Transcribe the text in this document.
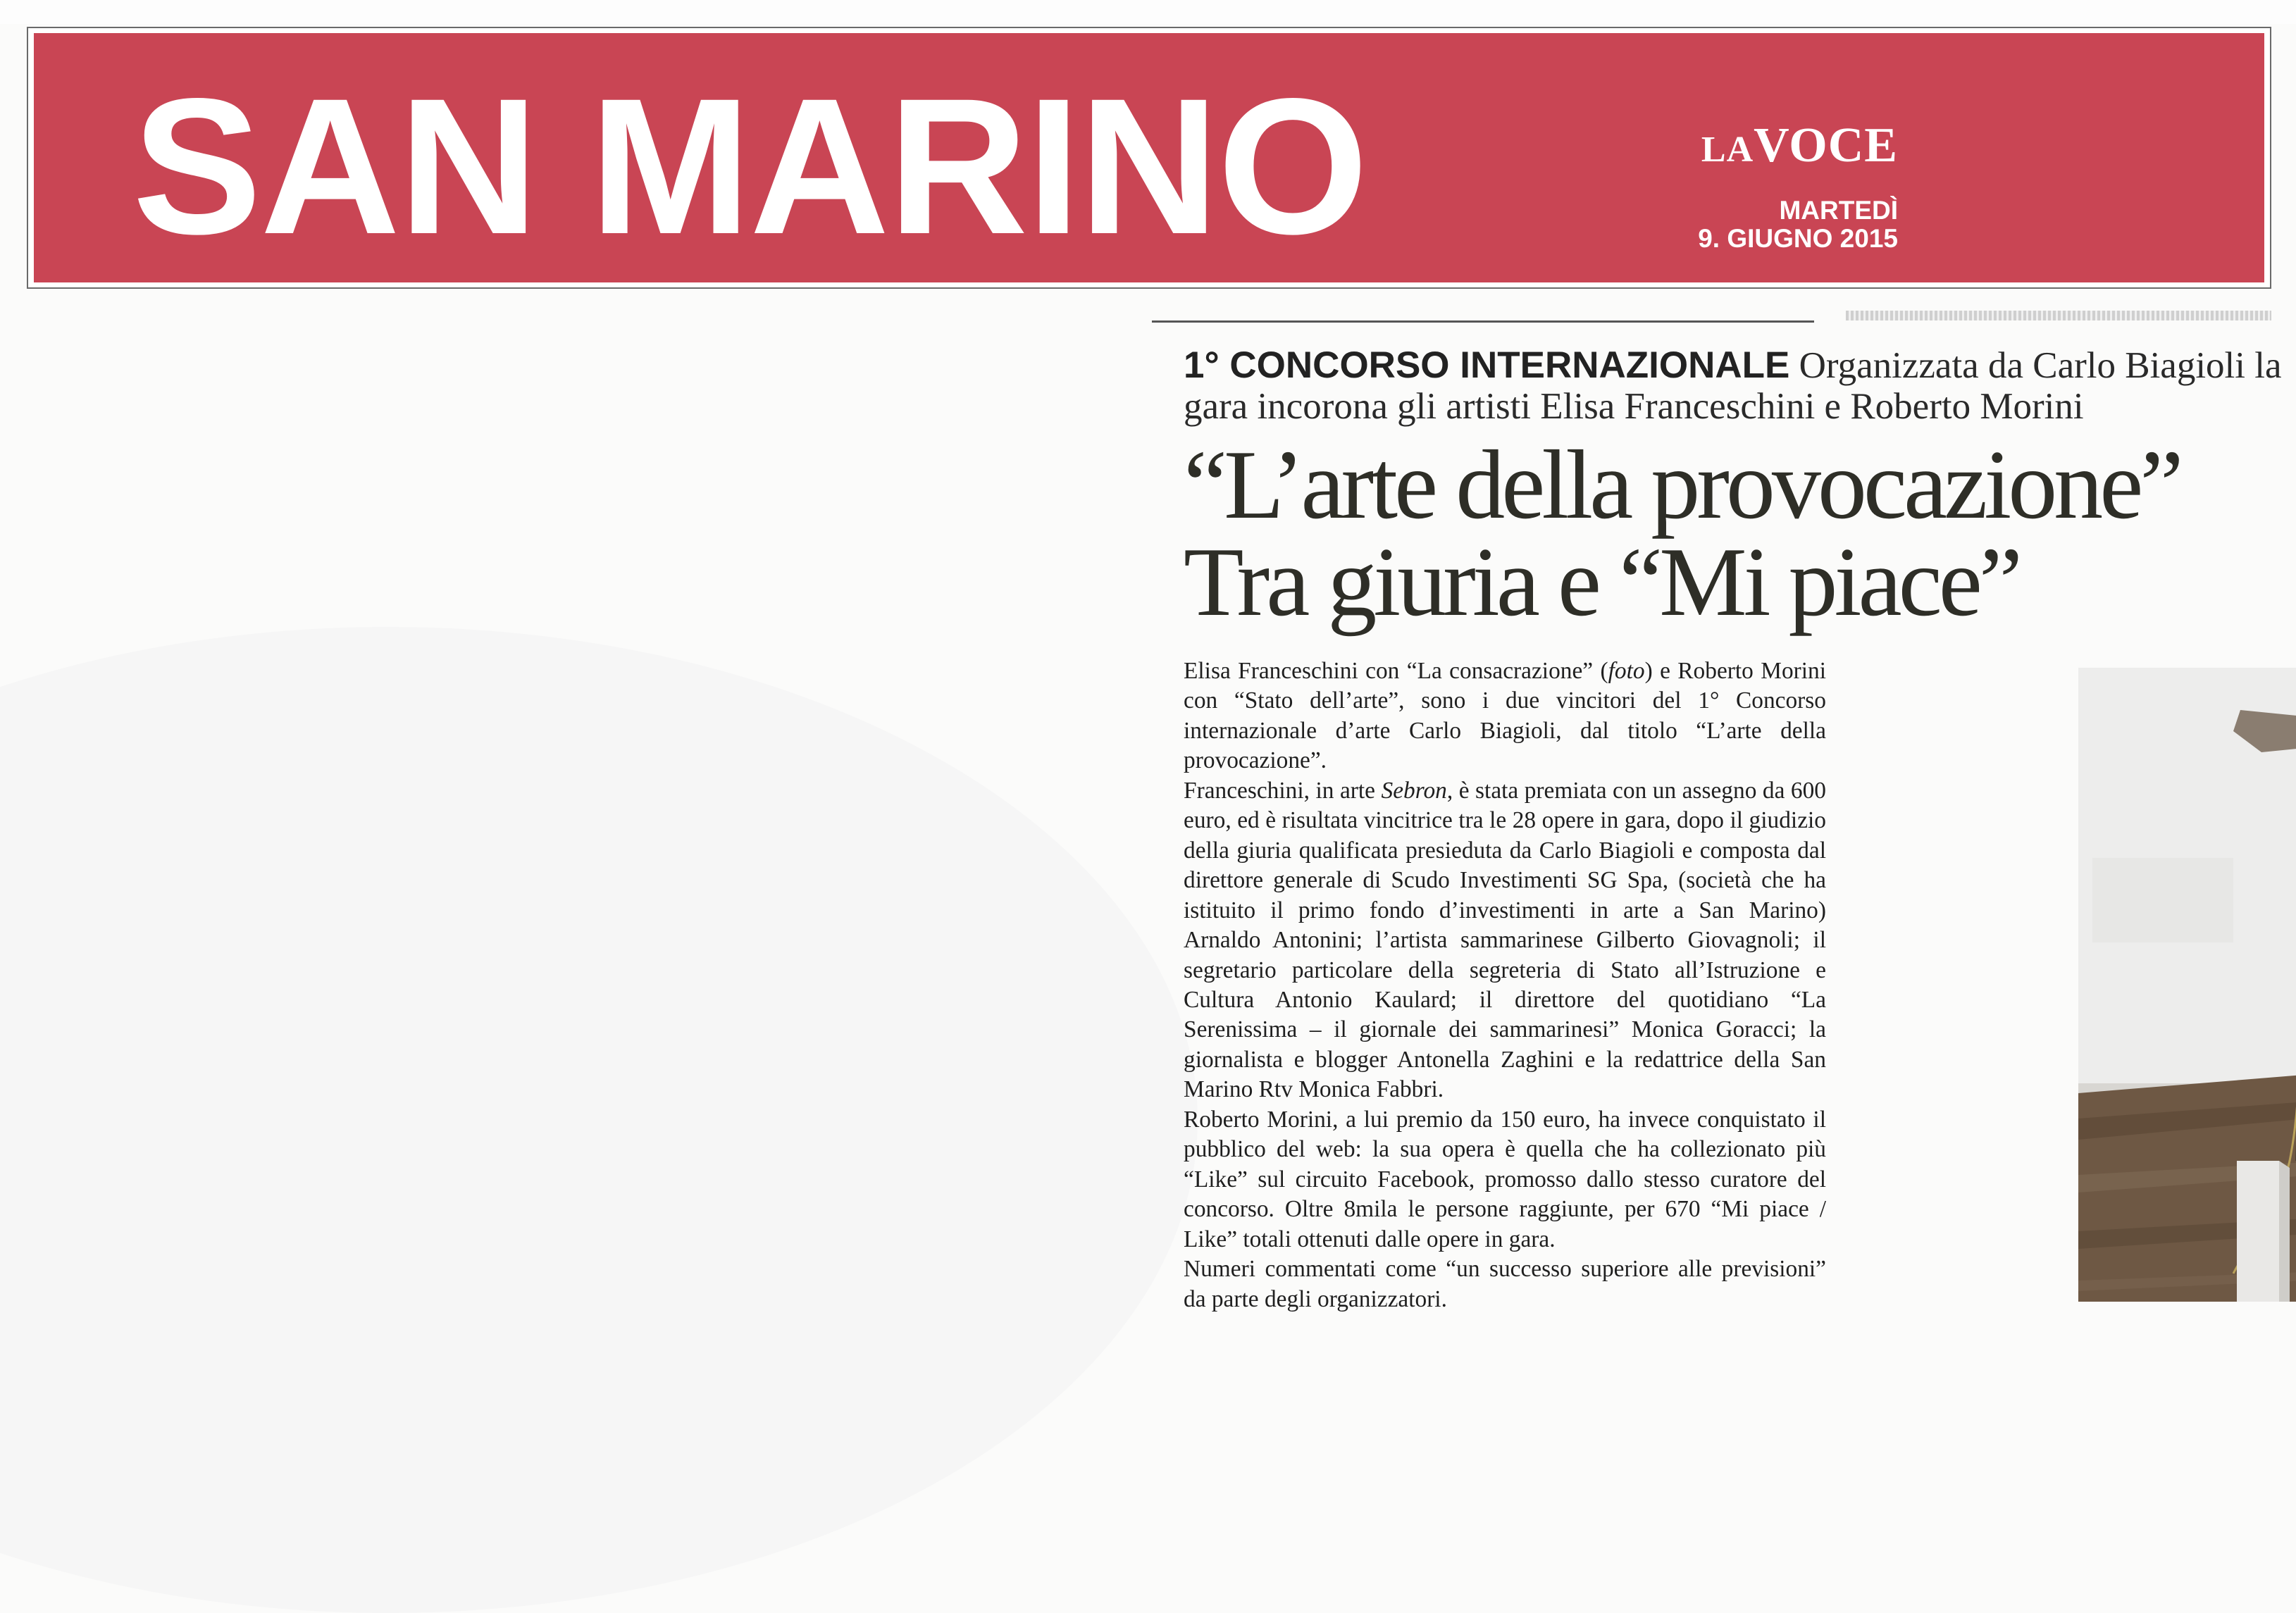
SAN MARINO	LAVOCE

MARTEDÌ

9. GIUGNO 2015

1° CONCORSO INTERNAZIONALE Organizzata da Carlo Biagioli la gara incorona gli artisti Elisa Franceschini e Roberto Morini

“L’arte della provocazione”
Tra giuria e “Mi piace”

Elisa Franceschini con “La consacrazione” (foto) e Roberto Morini con “Stato dell’arte”, sono i due vincitori del 1° Concorso internazionale d’arte Carlo Biagioli, dal titolo “L’arte della provocazione”.

Franceschini, in arte Sebron, è stata premiata con un assegno da 600 euro, ed è risultata vincitrice tra le 28 opere in gara, dopo il giudizio della giuria qualificata presieduta da Carlo Biagioli e composta dal direttore generale di Scudo Investimenti SG Spa, (società che ha istituito il primo fondo d’investimenti in arte a San Marino) Arnaldo Antonini; l’artista sammarinese Gilberto Giovagnoli; il segretario particolare della segreteria di Stato all’Istruzione e Cultura Antonio Kaulard; il direttore del quotidiano “La Serenissima – il giornale dei sammarinesi” Monica Goracci; la giornalista e blogger Antonella Zaghini e la redattrice della San Marino Rtv Monica Fabbri.

Roberto Morini, a lui premio da 150 euro, ha invece conquistato il pubblico del web: la sua opera è quella che ha collezionato più “Like” sul circuito Facebook, promosso dallo stesso curatore del concorso. Oltre 8mila le persone raggiunte, per 670 “Mi piace / Like” totali ottenuti dalle opere in gara.

Numeri commentati come “un successo superiore alle previsioni” da parte degli organizzatori.
